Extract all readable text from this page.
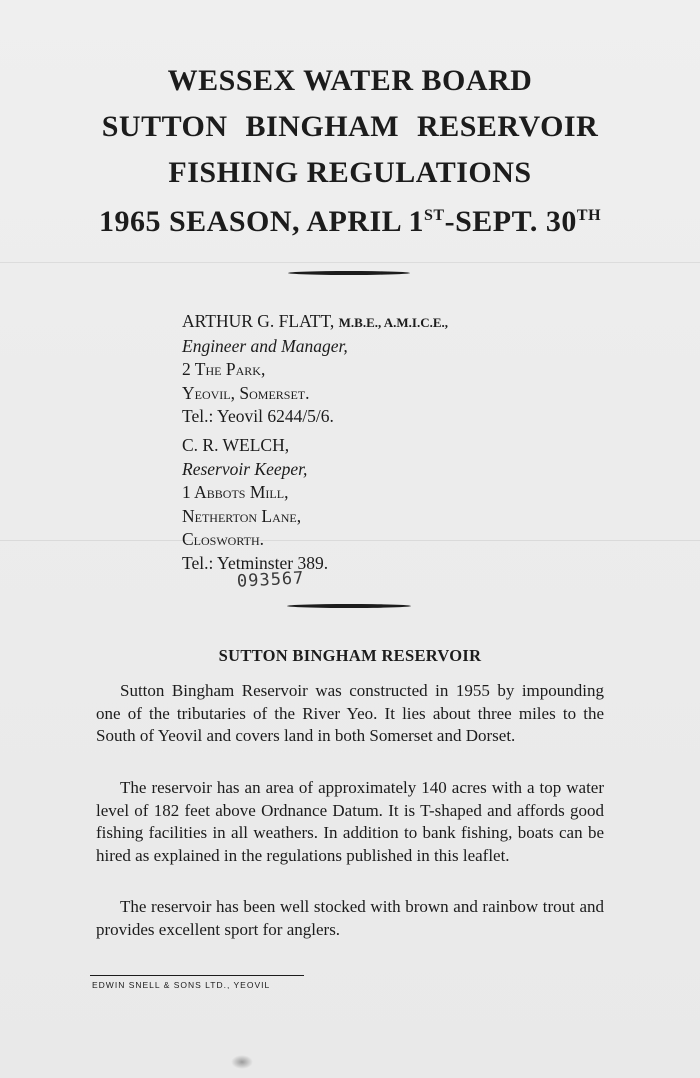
WESSEX WATER BOARD
SUTTON BINGHAM RESERVOIR
FISHING REGULATIONS
1965 SEASON, APRIL 1ST-SEPT. 30TH
ARTHUR G. FLATT, M.B.E., A.M.I.C.E.,
Engineer and Manager,
2 The Park,
Yeovil, Somerset.
Tel.: Yeovil 6244/5/6.
C. R. WELCH,
Reservoir Keeper,
1 Abbots Mill,
Netherton Lane,
Closworth.
Tel.: Yetminster 389.
093567
SUTTON BINGHAM RESERVOIR
Sutton Bingham Reservoir was constructed in 1955 by impounding one of the tributaries of the River Yeo. It lies about three miles to the South of Yeovil and covers land in both Somerset and Dorset.
The reservoir has an area of approximately 140 acres with a top water level of 182 feet above Ordnance Datum. It is T-shaped and affords good fishing facilities in all weathers. In addition to bank fishing, boats can be hired as explained in the regulations published in this leaflet.
The reservoir has been well stocked with brown and rainbow trout and provides excellent sport for anglers.
EDWIN SNELL & SONS LTD., YEOVIL
